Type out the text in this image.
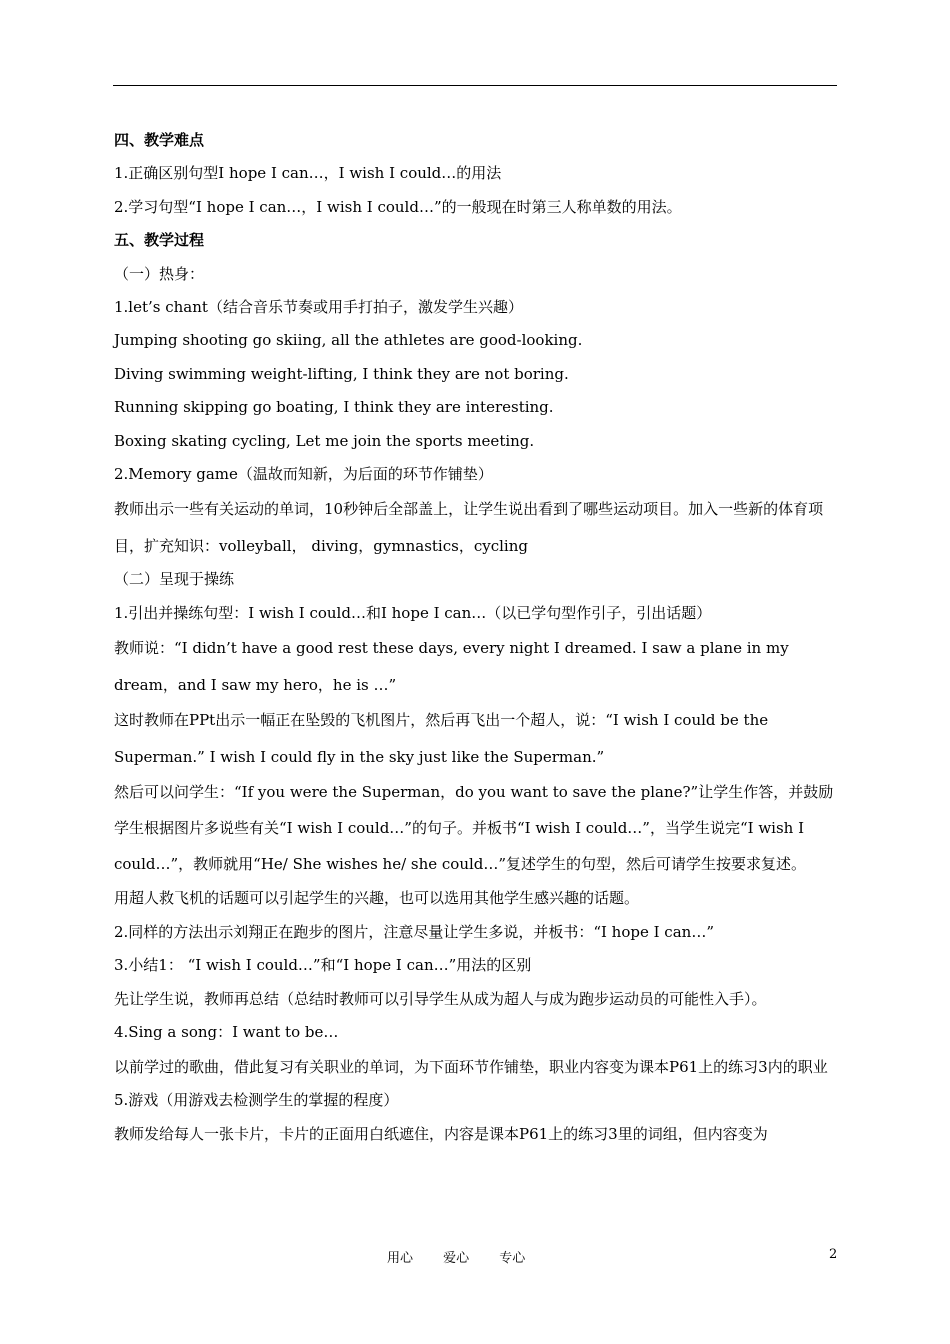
四、教学难点

1.正确区别句型I hope I can…，I wish I could…的用法

2.学习句型“I hope I can…，I wish I could…”的一般现在时第三人称单数的用法。

五、教学过程

（一）热身：

1.let’s chant（结合音乐节奏或用手打拍子，激发学生兴趣）

Jumping shooting go skiing, all the athletes are good-looking.

Diving swimming weight-lifting, I think they are not boring.

Running skipping go boating, I think they are interesting.

Boxing skating cycling, Let me join the sports meeting.

2.Memory game（温故而知新，为后面的环节作铺垫）

教师出示一些有关运动的单词，10秒钟后全部盖上，让学生说出看到了哪些运动项目。加入一些新的体育项目，扩充知识：volleyball， diving，gymnastics，cycling

（二）呈现于操练

1.引出并操练句型：I wish I could…和I hope I can…（以已学句型作引子，引出话题）

教师说：“I didn’t have a good rest these days, every night I dreamed. I saw a plane in my dream，and I saw my hero，he is …”

这时教师在PPt出示一幅正在坠毁的飞机图片，然后再飞出一个超人，说：“I wish I could be the Superman.” I wish I could fly in the sky just like the Superman.”

然后可以问学生：“If you were the Superman，do you want to save the plane?”让学生作答，并鼓励学生根据图片多说些有关“I wish I could…”的句子。并板书“I wish I could…”，当学生说完“I wish I could…”，教师就用“He/ She wishes he/ she could…”复述学生的句型，然后可请学生按要求复述。

用超人救飞机的话题可以引起学生的兴趣，也可以选用其他学生感兴趣的话题。

2.同样的方法出示刘翔正在跑步的图片，注意尽量让学生多说，并板书：“I hope I can…”

3.小结1： “I wish I could…”和“I hope I can…”用法的区别

先让学生说，教师再总结（总结时教师可以引导学生从成为超人与成为跑步运动员的可能性入手）。

4.Sing a song：I want to be…

以前学过的歌曲，借此复习有关职业的单词，为下面环节作铺垫，职业内容变为课本P61上的练习3内的职业

5.游戏（用游戏去检测学生的掌握的程度）

教师发给每人一张卡片，卡片的正面用白纸遮住，内容是课本P61上的练习3里的词组，但内容变为

用心 爱心 专心	2
